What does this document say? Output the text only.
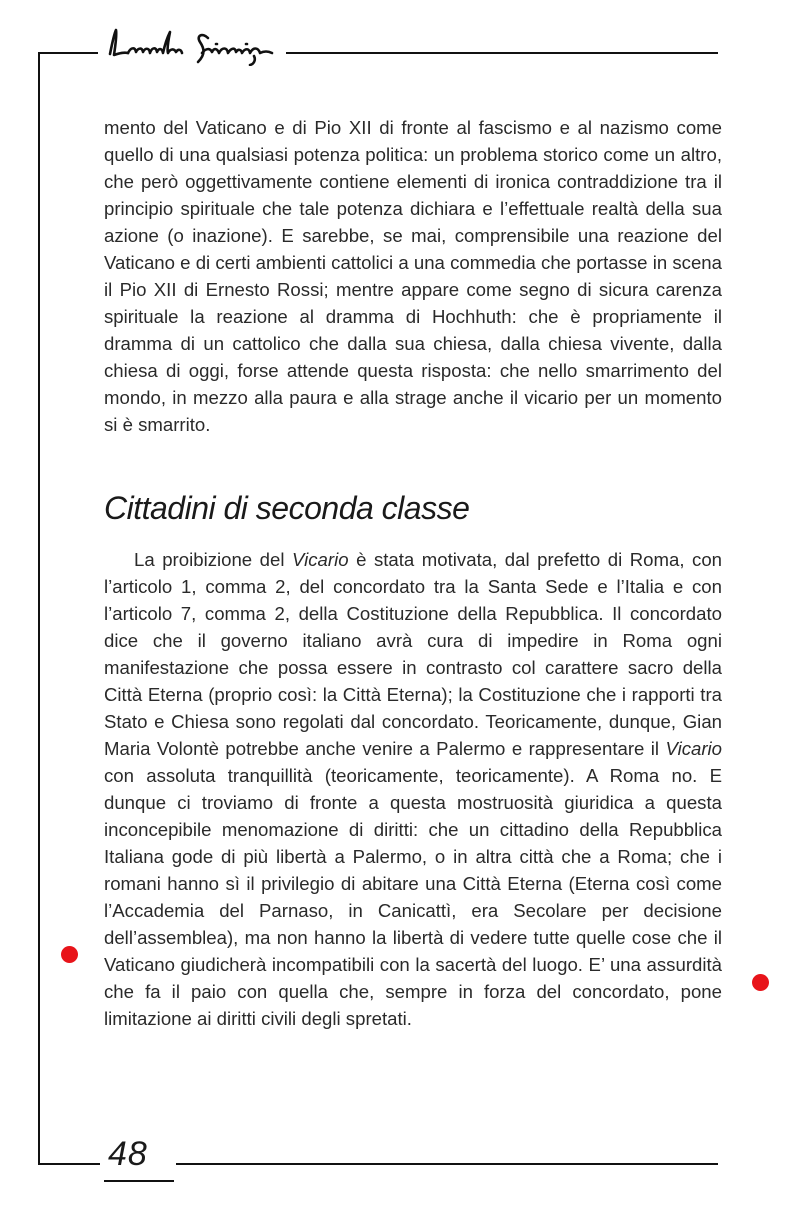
mento del Vaticano e di Pio XII di fronte al fascismo e al nazismo come quello di una qualsiasi potenza politica: un problema storico come un altro, che però oggettivamente contiene elementi di ironica contraddizione tra il principio spirituale che tale potenza dichiara e l’effettuale realtà della sua azione (o inazione). E sarebbe, se mai, comprensibile una reazione del Vaticano e di certi ambienti cattolici a una commedia che portasse in scena il Pio XII di Ernesto Rossi; mentre appare come segno di sicura carenza spirituale la reazione al dramma di Hochhuth: che è propriamente il dramma di un cattolico che dalla sua chiesa, dalla chiesa vivente, dalla chiesa di oggi, forse attende questa risposta: che nello smarrimento del mondo, in mezzo alla paura e alla strage anche il vicario per un momento si è smarrito.

Cittadini di seconda classe

La proibizione del Vicario è stata motivata, dal prefetto di Roma, con l’articolo 1, comma 2, del concordato tra la Santa Sede e l’Italia e con l’articolo 7, comma 2, della Costituzione della Repubblica. Il concordato dice che il governo italiano avrà cura di impedire in Roma ogni manifestazione che possa essere in contrasto col carattere sacro della Città Eterna (proprio così: la Città Eterna); la Costituzione che i rapporti tra Stato e Chiesa sono regolati dal concordato. Teoricamente, dunque, Gian Maria Volontè potrebbe anche venire a Palermo e rappresentare il Vicario con assoluta tranquillità (teoricamente, teoricamente). A Roma no. E dunque ci troviamo di fronte a questa mostruosità giuridica a questa inconcepibile menomazione di diritti: che un cittadino della Repubblica Italiana gode di più libertà a Palermo, o in altra città che a Roma; che i romani hanno sì il privilegio di abitare una Città Eterna (Eterna così come l’Accademia del Parnaso, in Canicattì, era Secolare per decisione dell’assemblea), ma non hanno la libertà di vedere tutte quelle cose che il Vaticano giudicherà incompatibili con la sacertà del luogo. E’ una assurdità che fa il paio con quella che, sempre in forza del concordato, pone limitazione ai diritti civili degli spretati.

48
